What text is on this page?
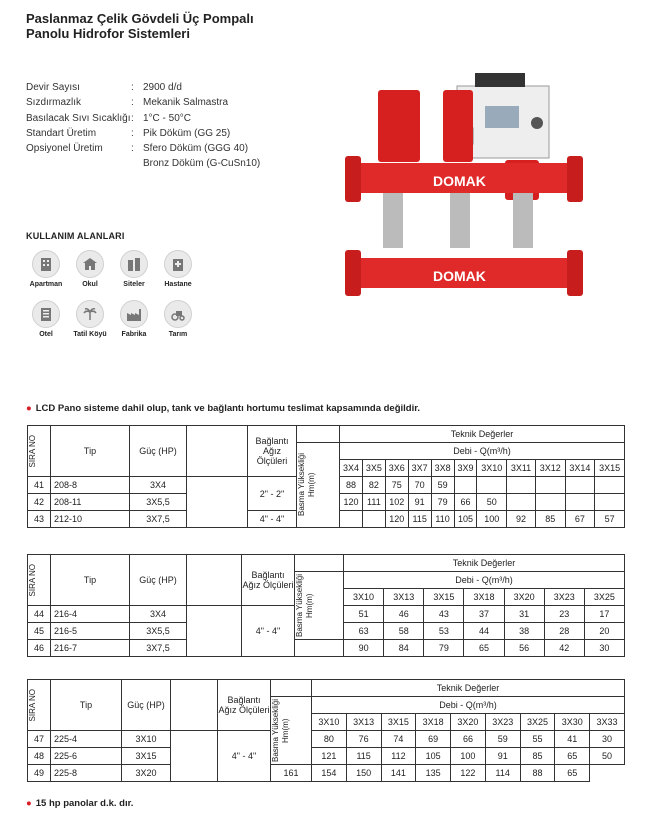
Paslanmaz Çelik Gövdeli Üç Pompalı
Panolu Hidrofor Sistemleri
Devir Sayısı	: 2900 d/d
Sızdırmazlık	: Mekanik Salmastra
Basılacak Sıvı Sıcaklığı : 1°C - 50°C
Standart Üretim	: Pik Döküm (GG 25)
Opsiyonel Üretim	: Sfero Döküm (GGG 40)
Bronz Döküm (G-CuSn10)
KULLANIM ALANLARI
Apartman	Okul	Siteler	Hastane
Otel	Tatil Köyü	Fabrika	Tarım
DOMAK
DOMAK
● LCD Pano sisteme dahil olup, tank ve bağlantı hortumu teslimat kapsamında değildir.
SIRA NO	Tip	Güç (HP)		Bağlantı Ağız Ölçüleri		Teknik Değerler										

					Basma Yüksekliği Hm(m)	Debi - Q(m³/h)										
						3X4	3X5	3X6	3X7	3X8	3X9	3X10	3X11	3X12	3X14	3X15
41	208-8	3X4		2" - 2"		88	82	75	70	59						
42	208-11	3X5,5				120	111	102	91	79	66	50				
43	212-10	3X7,5		4" - 4"				120	115	110	105	100	92	85	67	57
SIRA NO	Tip	Güç (HP)		Bağlantı Ağız Ölçüleri		Teknik Değerler						

					Basma Yüksekliği Hm(m)	Debi - Q(m³/h)						
						3X10	3X13	3X15	3X18	3X20	3X23	3X25
44	216-4	3X4		4" - 4"		51	46	43	37	31	23	17
45	216-5	3X5,5				63	58	53	44	38	28	20
46	216-7	3X7,5				90	84	79	65	56	42	30
SIRA NO	Tip	Güç (HP)		Bağlantı Ağız Ölçüleri		Teknik Değerler								

					Basma Yüksekliği Hm(m)	Debi - Q(m³/h)								
						3X10	3X13	3X15	3X18	3X20	3X23	3X25	3X30	3X33
47	225-4	3X10		4" - 4"		80	76	74	69	66	59	55	41	30
48	225-6	3X15				121	115	112	105	100	91	85	65	50
49	225-8	3X20			161	154	150	141	135	122	114	88	65	
● 15 hp panolar d.k. dır.
